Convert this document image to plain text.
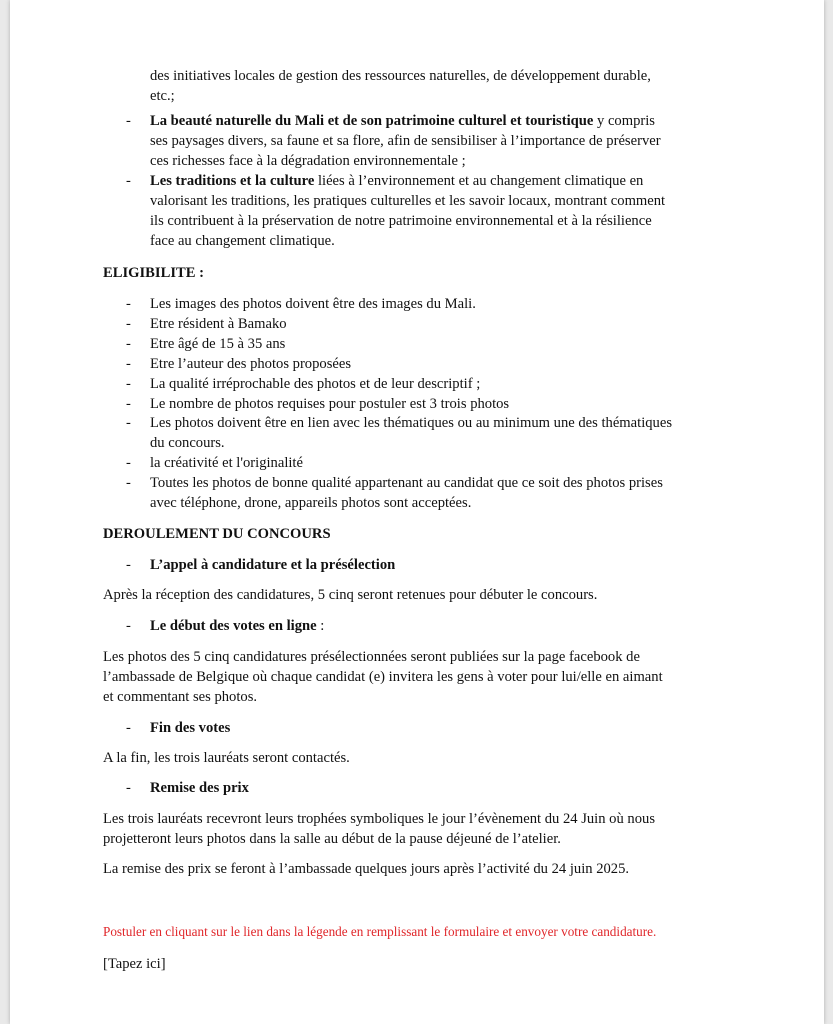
des initiatives locales de gestion des ressources naturelles, de développement durable,
etc.;
-	La beauté naturelle du Mali et de son patrimoine culturel et touristique y compris
ses paysages divers, sa faune et sa flore, afin de sensibiliser à l’importance de préserver
ces richesses face à la dégradation environnementale ;
-	Les traditions et la culture liées à l’environnement et au changement climatique en
valorisant les traditions, les pratiques culturelles et les savoir locaux, montrant comment
ils contribuent à la préservation de notre patrimoine environnemental et à la résilience
face au changement climatique.
ELIGIBILITE :
-	Les images des photos doivent être des images du Mali.
-	Etre résident à Bamako
-	Etre âgé de 15 à 35 ans
-	Etre l’auteur des photos proposées
-	La qualité irréprochable des photos et de leur descriptif ;
-	Le nombre de photos requises pour postuler est 3 trois photos
-	Les photos doivent être en lien avec les thématiques ou au minimum une des thématiques
du concours.
-	la créativité et l'originalité
-	Toutes les photos de bonne qualité appartenant au candidat que ce soit des photos prises
avec téléphone, drone, appareils photos sont acceptées.
DEROULEMENT DU CONCOURS
- L’appel à candidature et la présélection
Après la réception des candidatures, 5 cinq seront retenues pour débuter le concours.
- Le début des votes en ligne :
Les photos des 5 cinq candidatures présélectionnées seront publiées sur la page facebook de
l’ambassade de Belgique où chaque candidat (e) invitera les gens à voter pour lui/elle en aimant
et commentant ses photos.
- Fin des votes
A la fin, les trois lauréats seront contactés.
- Remise des prix
Les trois lauréats recevront leurs trophées symboliques le jour l’évènement du 24 Juin où nous
projetteront leurs photos dans la salle au début de la pause déjeuné de l’atelier.
La remise des prix se feront à l’ambassade quelques jours après l’activité du 24 juin 2025.
Postuler en cliquant sur le lien dans la légende en remplissant le formulaire et envoyer votre candidature.
[Tapez ici]
